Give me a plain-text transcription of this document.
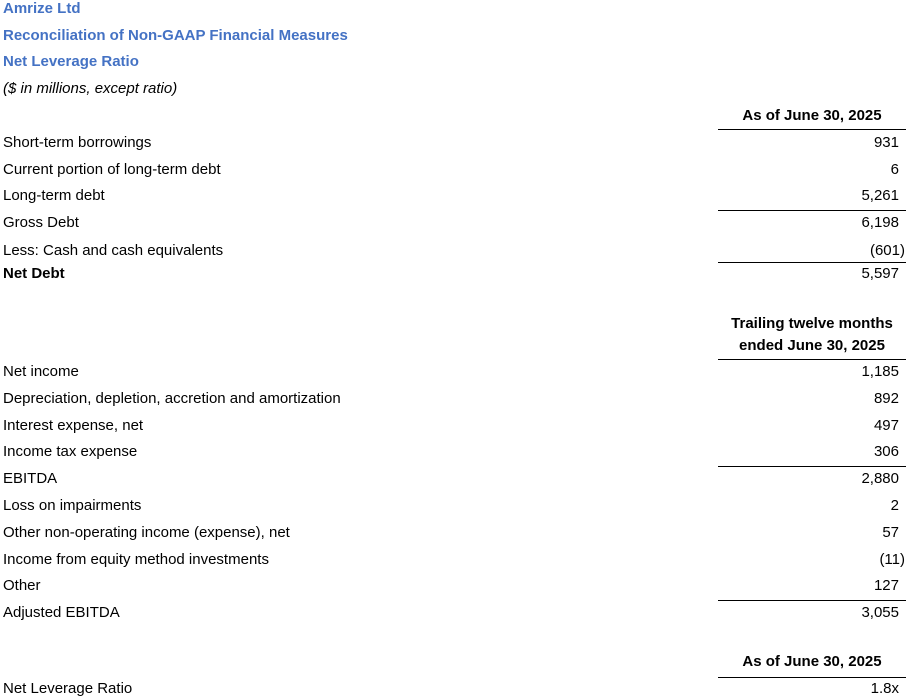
Amrize Ltd
Reconciliation of Non-GAAP Financial Measures
Net Leverage Ratio
($ in millions, except ratio)
As of June 30, 2025
Short-term borrowings	931
Current portion of long-term debt	6
Long-term debt	5,261
Gross Debt	6,198
Less: Cash and cash equivalents	(601)
Net Debt	5,597
Trailing twelve months
ended June 30, 2025
Net income	1,185
Depreciation, depletion, accretion and amortization	892
Interest expense, net	497
Income tax expense	306
EBITDA	2,880
Loss on impairments	2
Other non-operating income (expense), net	57
Income from equity method investments	(11)
Other	127
Adjusted EBITDA	3,055
As of June 30, 2025
Net Leverage Ratio	1.8x
